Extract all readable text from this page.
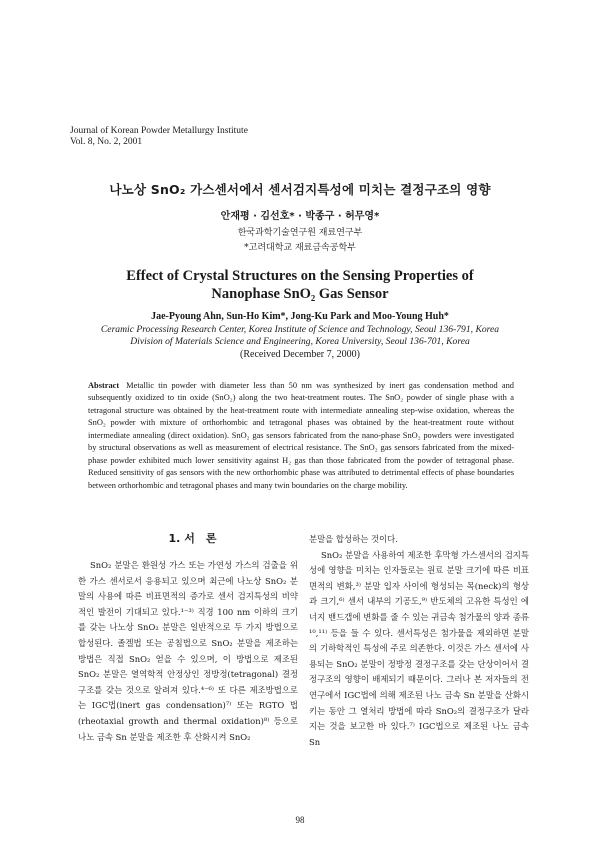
Journal of Korean Powder Metallurgy Institute
Vol. 8, No. 2, 2001
나노상 SnO₂ 가스센서에서 센서검지특성에 미치는 결정구조의 영향
안재평 · 김선호* · 박종구 · 허무영*
한국과학기술연구원 재료연구부
*고려대학교 재료금속공학부
Effect of Crystal Structures on the Sensing Properties of
Nanophase SnO₂ Gas Sensor
Jae-Pyoung Ahn, Sun-Ho Kim*, Jong-Ku Park and Moo-Young Huh*
Ceramic Processing Research Center, Korea Institute of Science and Technology, Seoul 136-791, Korea
Division of Materials Science and Engineering, Korea University, Seoul 136-701, Korea
(Received December 7, 2000)
Abstract Metallic tin powder with diameter less than 50 nm was synthesized by inert gas condensation method and subsequently oxidized to tin oxide (SnO₂) along the two heat-treatment routes. The SnO₂ powder of single phase with a tetragonal structure was obtained by the heat-treatment route with intermediate annealing step-wise oxidation, whereas the SnO₂ powder with mixture of orthorhombic and tetragonal phases was obtained by the heat-treatment route without intermediate annealing (direct oxidation). SnO₂ gas sensors fabricated from the nano-phase SnO₂ powders were investigated by structural observations as well as measurement of electrical resistance. The SnO₂ gas sensors fabricated from the mixed-phase powder exhibited much lower sensitivity against H₂ gas than those fabricated from the powder of tetragonal phase. Reduced sensitivity of gas sensors with the new orthorhombic phase was attributed to detrimental effects of phase boundaries between orthorhombic and tetragonal phases and many twin boundaries on the charge mobility.
1. 서　론

SnO₂ 분말은 환원성 가스 또는 가연성 가스의 검출을 위한 가스 센서로서 응용되고 있으며 최근에 나노상 SnO₂ 분말의 사용에 따른 비표면적의 증가로 센서 검지특성의 비약적인 발전이 기대되고 있다.¹⁻³⁾ 직경 100 nm 이하의 크기를 갖는 나노상 SnO₂ 분말은 일반적으로 두 가지 방법으로 합성된다. 졸겔법 또는 공침법으로 SnO₂ 분말을 제조하는 방법은 직접 SnO₂ 얻을 수 있으며, 이 방법으로 제조된 SnO₂ 분말은 열역학적 안정상인 정방정(tetragonal) 결정구조를 갖는 것으로 알려져 있다.⁴⁻⁶⁾ 또 다른 제조방법으로는 IGC법(inert gas condensation)⁷⁾ 또는 RGTO 법(rheotaxial growth and thermal oxidation)⁸⁾ 등으로 나노 금속 Sn 분말을 제조한 후 산화시켜 SnO₂

분말을 합성하는 것이다.

SnO₂ 분말을 사용하여 제조한 후막형 가스센서의 검지특성에 영향을 미치는 인자들로는 원료 분말 크기에 따른 비표면적의 변화,³⁾ 분말 입자 사이에 형성되는 목(neck)의 형상과 크기,⁶⁾ 센서 내부의 기공도,⁹⁾ 반도체의 고유한 특성인 에너지 밴드갭에 변화를 줄 수 있는 귀금속 첨가물의 양과 종류¹⁰,¹¹⁾ 등을 들 수 있다. 센서특성은 첨가물을 제외하면 분말의 기하학적인 특성에 주로 의존한다. 이것은 가스 센서에 사용되는 SnO₂ 분말이 정방정 결정구조를 갖는 단상이어서 결정구조의 영향이 배제되기 때문이다. 그러나 본 저자들의 전 연구에서 IGC법에 의해 제조된 나노 금속 Sn 분말을 산화시키는 동안 그 열처리 방법에 따라 SnO₂의 결정구조가 달라지는 것을 보고한 바 있다.⁷⁾ IGC법으로 제조된 나노 금속 Sn

98
